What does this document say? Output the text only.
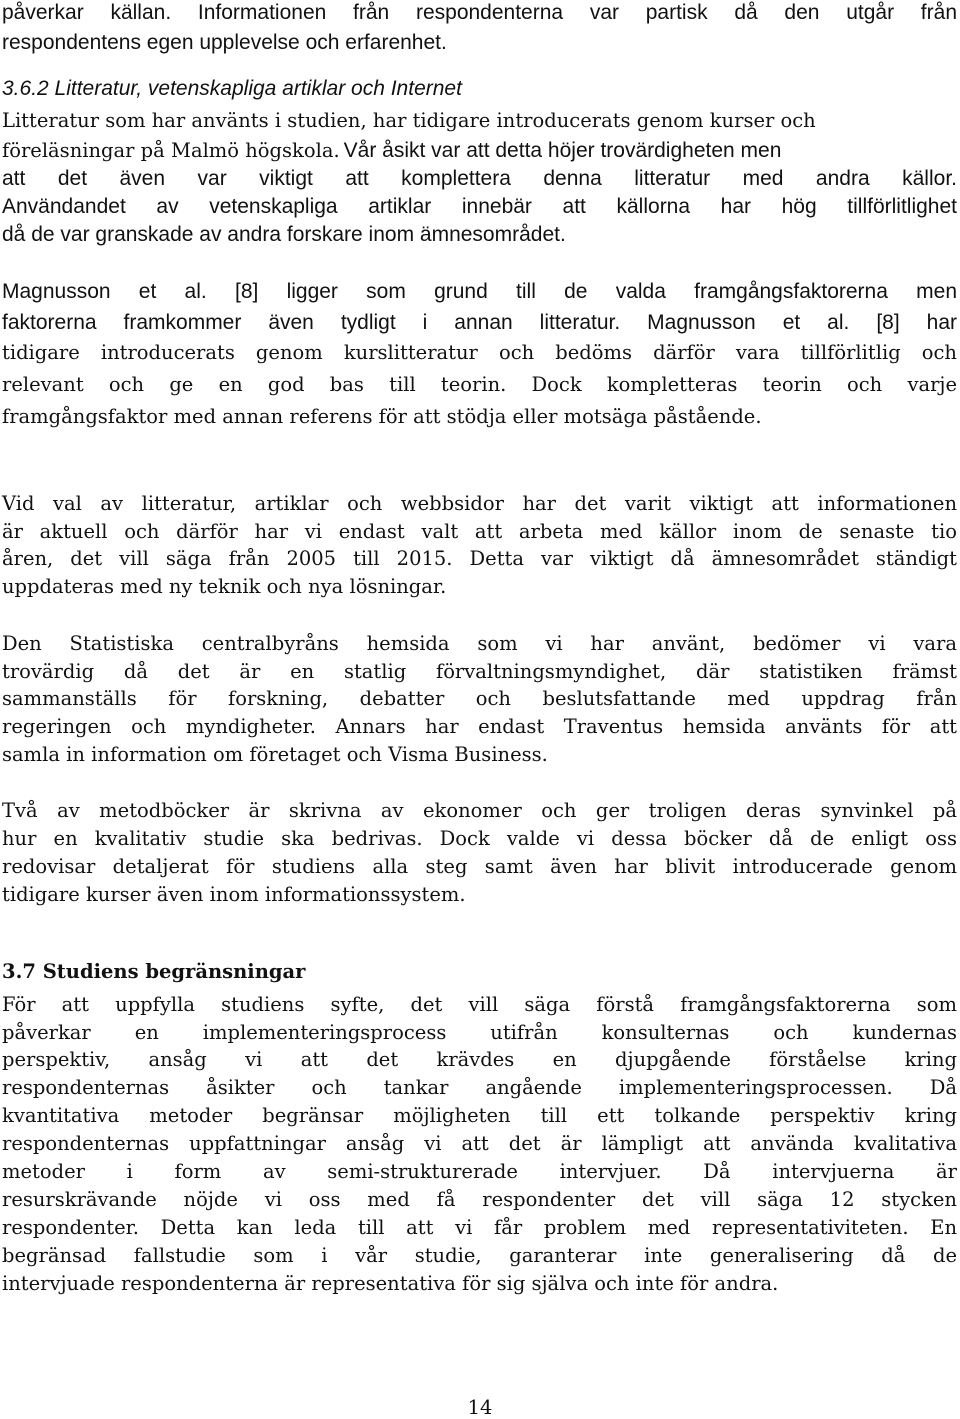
påverkar källan. Informationen från respondenterna var partisk då den utgår från

respondentens egen upplevelse och erfarenhet.

3.6.2 Litteratur, vetenskapliga artiklar och Internet

Litteratur som har använts i studien, har tidigare introducerats genom kurser och

föreläsningar på Malmö högskola. Vår åsikt var att detta höjer trovärdigheten men

att det även var viktigt att komplettera denna litteratur med andra källor.

Användandet av vetenskapliga artiklar innebär att källorna har hög tillförlitlighet

då de var granskade av andra forskare inom ämnesområdet.

Magnusson et al. [8] ligger som grund till de valda framgångsfaktorerna men

faktorerna framkommer även tydligt i annan litteratur. Magnusson et al. [8] har

tidigare introducerats genom kurslitteratur och bedöms därför vara tillförlitlig och

relevant och ge en god bas till teorin. Dock kompletteras teorin och varje

framgångsfaktor med annan referens för att stödja eller motsäga påstående.

Vid val av litteratur, artiklar och webbsidor har det varit viktigt att informationen

är aktuell och därför har vi endast valt att arbeta med källor inom de senaste tio

åren, det vill säga från 2005 till 2015. Detta var viktigt då ämnesområdet ständigt

uppdateras med ny teknik och nya lösningar.

Den Statistiska centralbyråns hemsida som vi har använt, bedömer vi vara

trovärdig då det är en statlig förvaltningsmyndighet, där statistiken främst

sammanställs för forskning, debatter och beslutsfattande med uppdrag från

regeringen och myndigheter. Annars har endast Traventus hemsida använts för att

samla in information om företaget och Visma Business.

Två av metodböcker är skrivna av ekonomer och ger troligen deras synvinkel på

hur en kvalitativ studie ska bedrivas. Dock valde vi dessa böcker då de enligt oss

redovisar detaljerat för studiens alla steg samt även har blivit introducerade genom

tidigare kurser även inom informationssystem.

3.7 Studiens begränsningar

För att uppfylla studiens syfte, det vill säga förstå framgångsfaktorerna som

påverkar en implementeringsprocess utifrån konsulternas och kundernas

perspektiv, ansåg vi att det krävdes en djupgående förståelse kring

respondenternas åsikter och tankar angående implementeringsprocessen. Då

kvantitativa metoder begränsar möjligheten till ett tolkande perspektiv kring

respondenternas uppfattningar ansåg vi att det är lämpligt att använda kvalitativa

metoder i form av semi-strukturerade intervjuer. Då intervjuerna är

resurskrävande nöjde vi oss med få respondenter det vill säga 12 stycken

respondenter. Detta kan leda till att vi får problem med representativiteten. En

begränsad fallstudie som i vår studie, garanterar inte generalisering då de

intervjuade respondenterna är representativa för sig själva och inte för andra.

14
